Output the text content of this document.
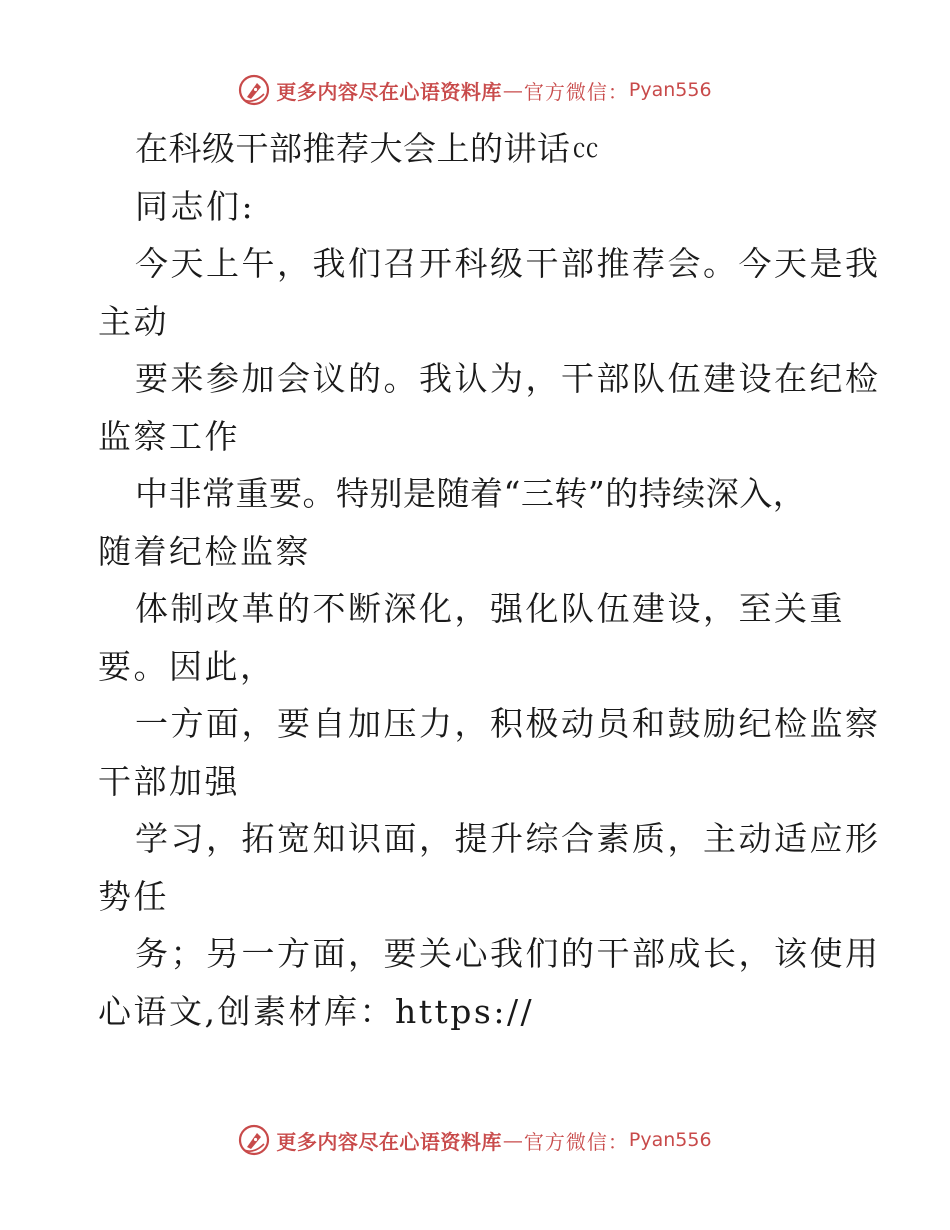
更多内容尽在心语资料库 — 官方微信： Pyan556
在科级干部推荐大会上的讲话㏄
同志们:
今天上午，我们召开科级干部推荐会。今天是我
主动
要来参加会议的。我认为，干部队伍建设在纪检
监察工作
中非常重要。特别是随着“三转”的持续深入，
随着纪检监察
体制改革的不断深化，强化队伍建设，至关重
要。因此，
一方面，要自加压力，积极动员和鼓励纪检监察
干部加强
学习，拓宽知识面，提升综合素质，主动适应形
势任
务；另一方面，要关心我们的干部成长，该使用
心语文,创素材库：https://
更多内容尽在心语资料库 — 官方微信： Pyan556
